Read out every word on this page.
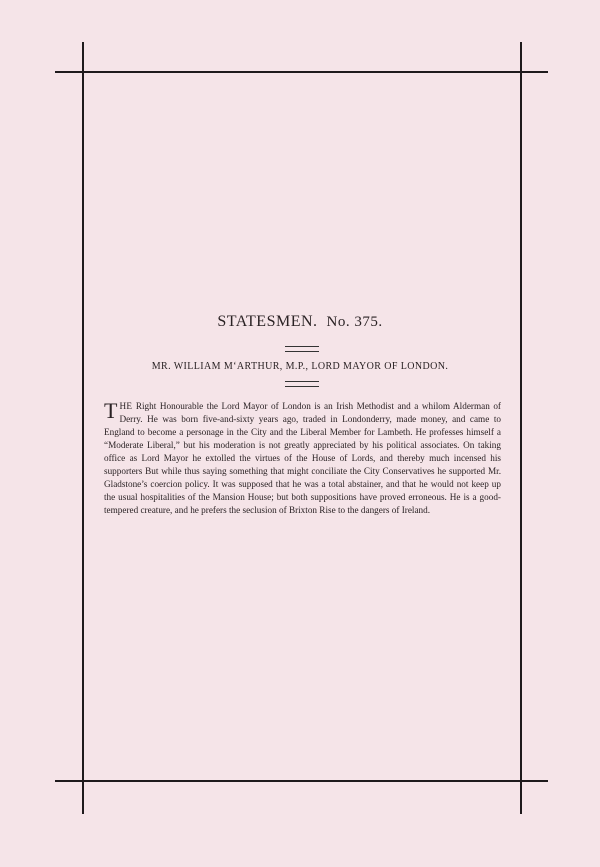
STATESMEN. No. 375.
MR. WILLIAM M‘ARTHUR, M.P., LORD MAYOR OF LONDON.
THE Right Honourable the Lord Mayor of London is an Irish Methodist and a whilom Alderman of Derry. He was born five-and-sixty years ago, traded in Londonderry, made money, and came to England to become a personage in the City and the Liberal Member for Lambeth. He professes himself a “Moderate Liberal,” but his moderation is not greatly appreciated by his political associates. On taking office as Lord Mayor he extolled the virtues of the House of Lords, and thereby much incensed his supporters But while thus saying something that might conciliate the City Conservatives he supported Mr. Gladstone’s coercion policy. It was supposed that he was a total abstainer, and that he would not keep up the usual hospitalities of the Mansion House; but both suppositions have proved erroneous. He is a good-tempered creature, and he prefers the seclusion of Brixton Rise to the dangers of Ireland.
